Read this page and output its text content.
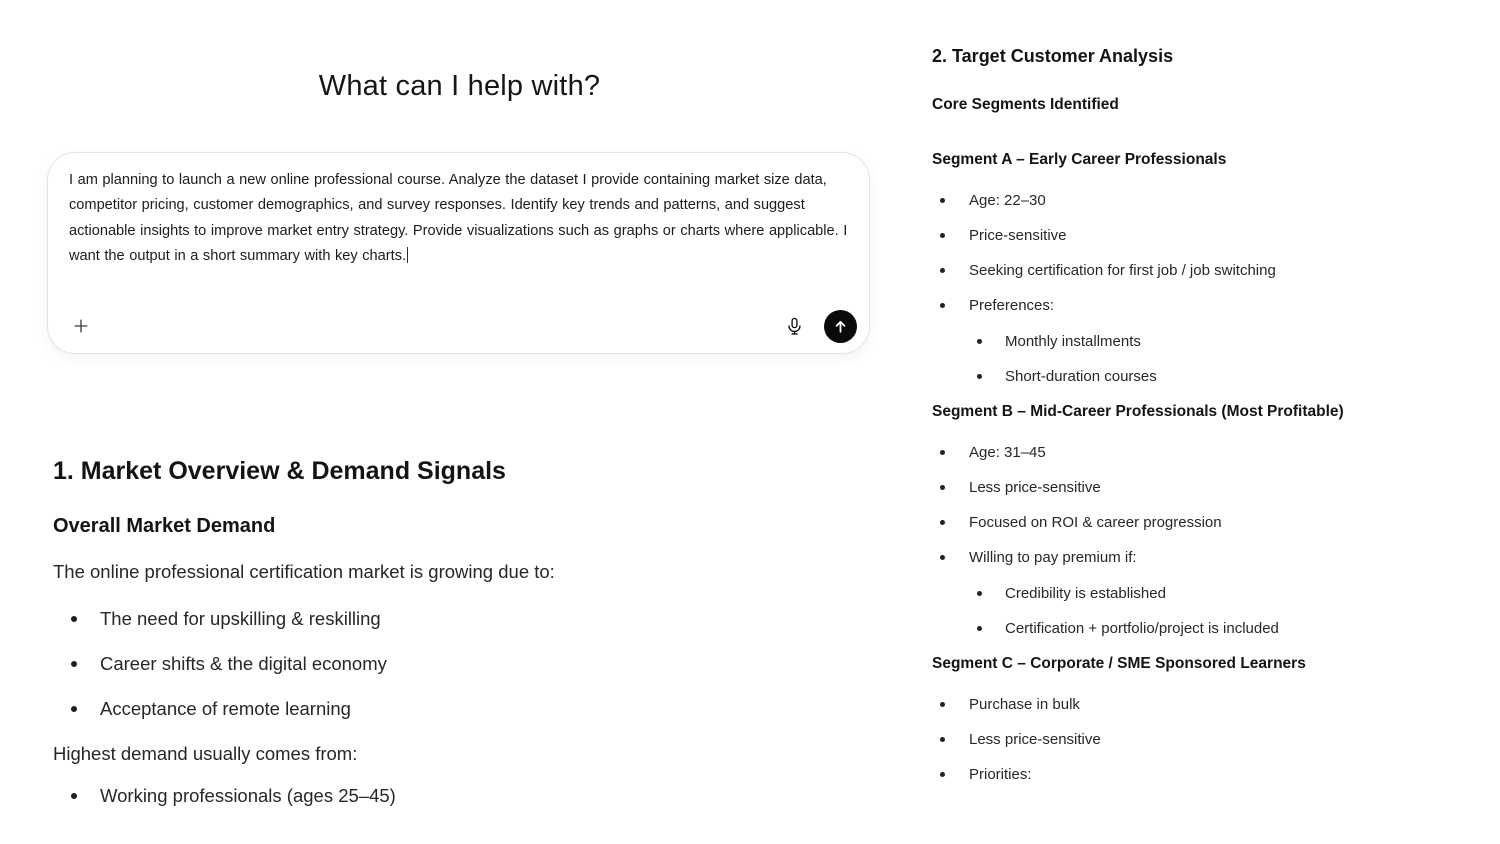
What can I help with?
I am planning to launch a new online professional course. Analyze the dataset I provide containing market size data, competitor pricing, customer demographics, and survey responses. Identify key trends and patterns, and suggest actionable insights to improve market entry strategy. Provide visualizations such as graphs or charts where applicable. I want the output in a short summary with key charts.
1. Market Overview & Demand Signals
Overall Market Demand

The online professional certification market is growing due to:

The need for upskilling & reskilling
Career shifts & the digital economy
Acceptance of remote learning

Highest demand usually comes from:

Working professionals (ages 25–45)
2. Target Customer Analysis
Core Segments Identified
Segment A – Early Career Professionals
Age: 22–30
Price-sensitive
Seeking certification for first job / job switching
Preferences:
Monthly installments
Short-duration courses
Segment B – Mid-Career Professionals (Most Profitable)
Age: 31–45
Less price-sensitive
Focused on ROI & career progression
Willing to pay premium if:
Credibility is established
Certification + portfolio/project is included
Segment C – Corporate / SME Sponsored Learners
Purchase in bulk
Less price-sensitive
Priorities:
